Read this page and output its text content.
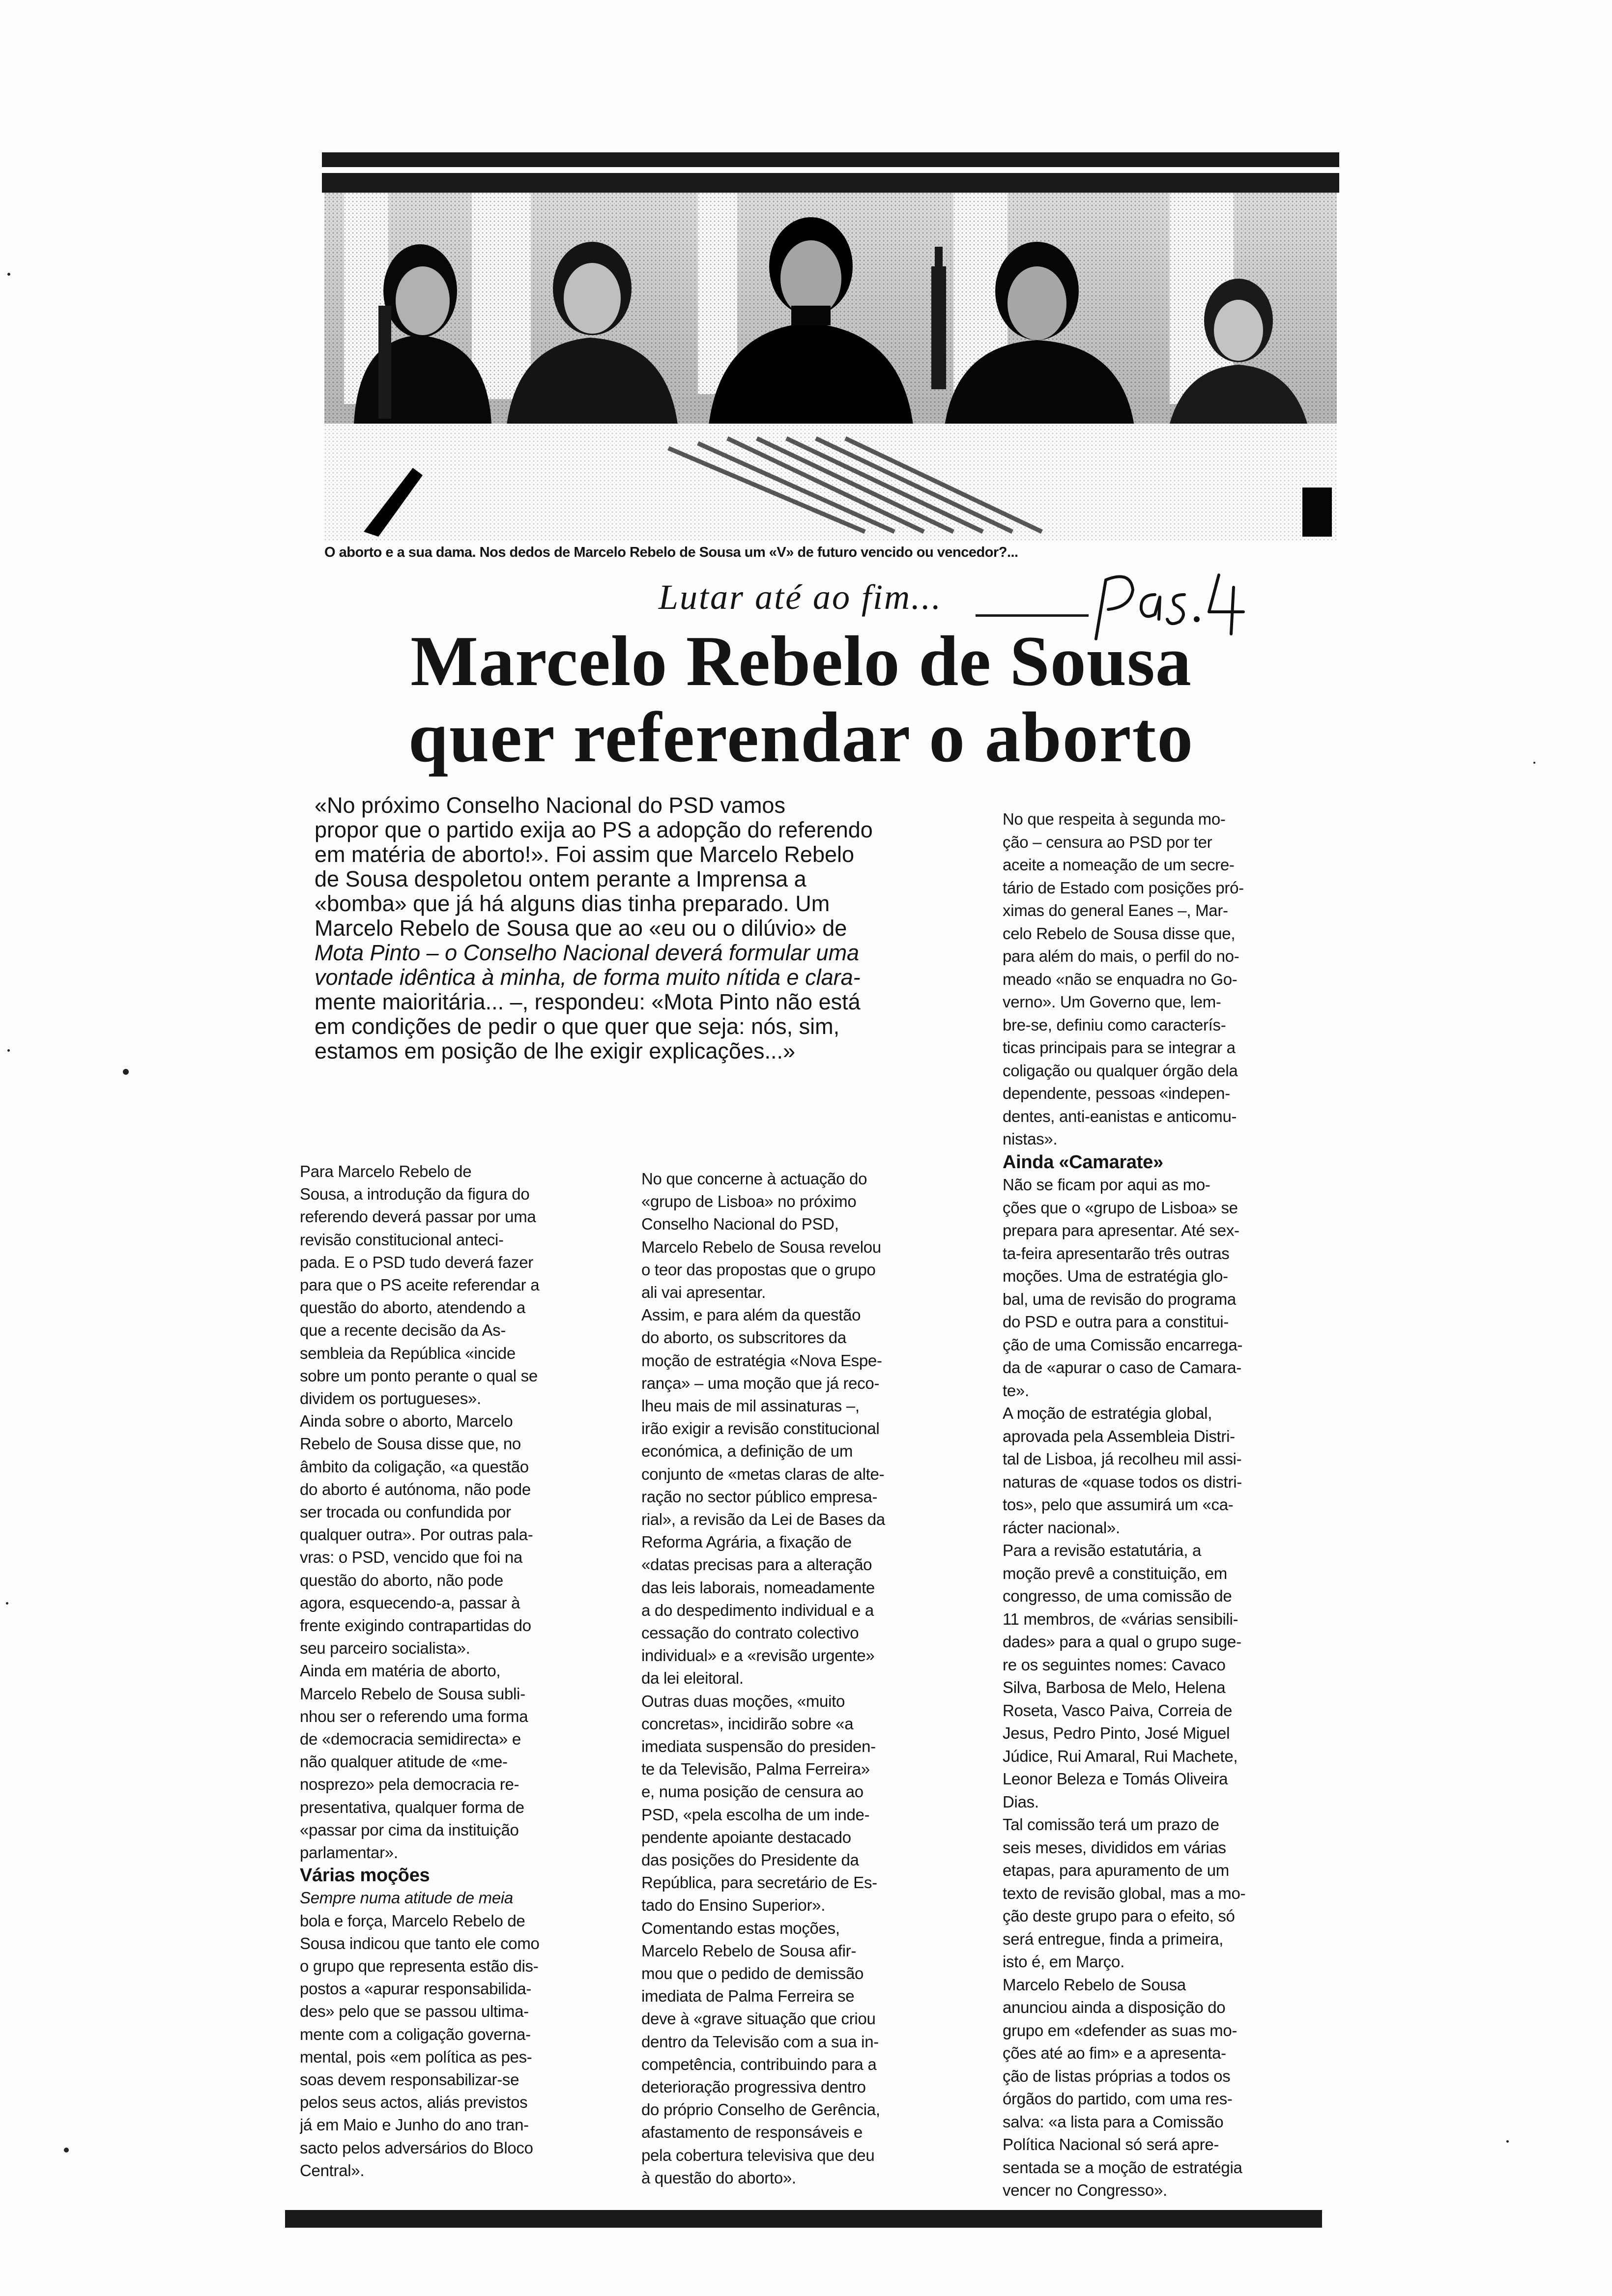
O aborto e a sua dama. Nos dedos de Marcelo Rebelo de Sousa um «V» de futuro vencido ou vencedor?...
Lutar até ao fim...
Marcelo Rebelo de Sousa
quer referendar o aborto
«No próximo Conselho Nacional do PSD vamos
propor que o partido exija ao PS a adopção do referendo
em matéria de aborto!». Foi assim que Marcelo Rebelo
de Sousa despoletou ontem perante a Imprensa a
«bomba» que já há alguns dias tinha preparado. Um
Marcelo Rebelo de Sousa que ao «eu ou o dilúvio» de
Mota Pinto – o Conselho Nacional deverá formular uma
vontade idêntica à minha, de forma muito nítida e clara-
mente maioritária... –, respondeu: «Mota Pinto não está
em condições de pedir o que quer que seja: nós, sim,
estamos em posição de lhe exigir explicações...»
Para Marcelo Rebelo de
Sousa, a introdução da figura do
referendo deverá passar por uma
revisão constitucional anteci-
pada. E o PSD tudo deverá fazer
para que o PS aceite referendar a
questão do aborto, atendendo a
que a recente decisão da As-
sembleia da República «incide
sobre um ponto perante o qual se
dividem os portugueses».
Ainda sobre o aborto, Marcelo
Rebelo de Sousa disse que, no
âmbito da coligação, «a questão
do aborto é autónoma, não pode
ser trocada ou confundida por
qualquer outra». Por outras pala-
vras: o PSD, vencido que foi na
questão do aborto, não pode
agora, esquecendo-a, passar à
frente exigindo contrapartidas do
seu parceiro socialista».
Ainda em matéria de aborto,
Marcelo Rebelo de Sousa subli-
nhou ser o referendo uma forma
de «democracia semidirecta» e
não qualquer atitude de «me-
nosprezo» pela democracia re-
presentativa, qualquer forma de
«passar por cima da instituição
parlamentar».
Várias moções
Sempre numa atitude de meia
bola e força, Marcelo Rebelo de
Sousa indicou que tanto ele como
o grupo que representa estão dis-
postos a «apurar responsabilida-
des» pelo que se passou ultima-
mente com a coligação governa-
mental, pois «em política as pes-
soas devem responsabilizar-se
pelos seus actos, aliás previstos
já em Maio e Junho do ano tran-
sacto pelos adversários do Bloco
Central».
No que concerne à actuação do
«grupo de Lisboa» no próximo
Conselho Nacional do PSD,
Marcelo Rebelo de Sousa revelou
o teor das propostas que o grupo
ali vai apresentar.
Assim, e para além da questão
do aborto, os subscritores da
moção de estratégia «Nova Espe-
rança» – uma moção que já reco-
lheu mais de mil assinaturas –,
irão exigir a revisão constitucional
económica, a definição de um
conjunto de «metas claras de alte-
ração no sector público empresa-
rial», a revisão da Lei de Bases da
Reforma Agrária, a fixação de
«datas precisas para a alteração
das leis laborais, nomeadamente
a do despedimento individual e a
cessação do contrato colectivo
individual» e a «revisão urgente»
da lei eleitoral.
Outras duas moções, «muito
concretas», incidirão sobre «a
imediata suspensão do presiden-
te da Televisão, Palma Ferreira»
e, numa posição de censura ao
PSD, «pela escolha de um inde-
pendente apoiante destacado
das posições do Presidente da
República, para secretário de Es-
tado do Ensino Superior».
Comentando estas moções,
Marcelo Rebelo de Sousa afir-
mou que o pedido de demissão
imediata de Palma Ferreira se
deve à «grave situação que criou
dentro da Televisão com a sua in-
competência, contribuindo para a
deterioração progressiva dentro
do próprio Conselho de Gerência,
afastamento de responsáveis e
pela cobertura televisiva que deu
à questão do aborto».
No que respeita à segunda mo-
ção – censura ao PSD por ter
aceite a nomeação de um secre-
tário de Estado com posições pró-
ximas do general Eanes –, Mar-
celo Rebelo de Sousa disse que,
para além do mais, o perfil do no-
meado «não se enquadra no Go-
verno». Um Governo que, lem-
bre-se, definiu como caracterís-
ticas principais para se integrar a
coligação ou qualquer órgão dela
dependente, pessoas «indepen-
dentes, anti-eanistas e anticomu-
nistas».
Ainda «Camarate»
Não se ficam por aqui as mo-
ções que o «grupo de Lisboa» se
prepara para apresentar. Até sex-
ta-feira apresentarão três outras
moções. Uma de estratégia glo-
bal, uma de revisão do programa
do PSD e outra para a constitui-
ção de uma Comissão encarrega-
da de «apurar o caso de Camara-
te».
A moção de estratégia global,
aprovada pela Assembleia Distri-
tal de Lisboa, já recolheu mil assi-
naturas de «quase todos os distri-
tos», pelo que assumirá um «ca-
rácter nacional».
Para a revisão estatutária, a
moção prevê a constituição, em
congresso, de uma comissão de
11 membros, de «várias sensibili-
dades» para a qual o grupo suge-
re os seguintes nomes: Cavaco
Silva, Barbosa de Melo, Helena
Roseta, Vasco Paiva, Correia de
Jesus, Pedro Pinto, José Miguel
Júdice, Rui Amaral, Rui Machete,
Leonor Beleza e Tomás Oliveira
Dias.
Tal comissão terá um prazo de
seis meses, divididos em várias
etapas, para apuramento de um
texto de revisão global, mas a mo-
ção deste grupo para o efeito, só
será entregue, finda a primeira,
isto é, em Março.
Marcelo Rebelo de Sousa
anunciou ainda a disposição do
grupo em «defender as suas mo-
ções até ao fim» e a apresenta-
ção de listas próprias a todos os
órgãos do partido, com uma res-
salva: «a lista para a Comissão
Política Nacional só será apre-
sentada se a moção de estratégia
vencer no Congresso».
